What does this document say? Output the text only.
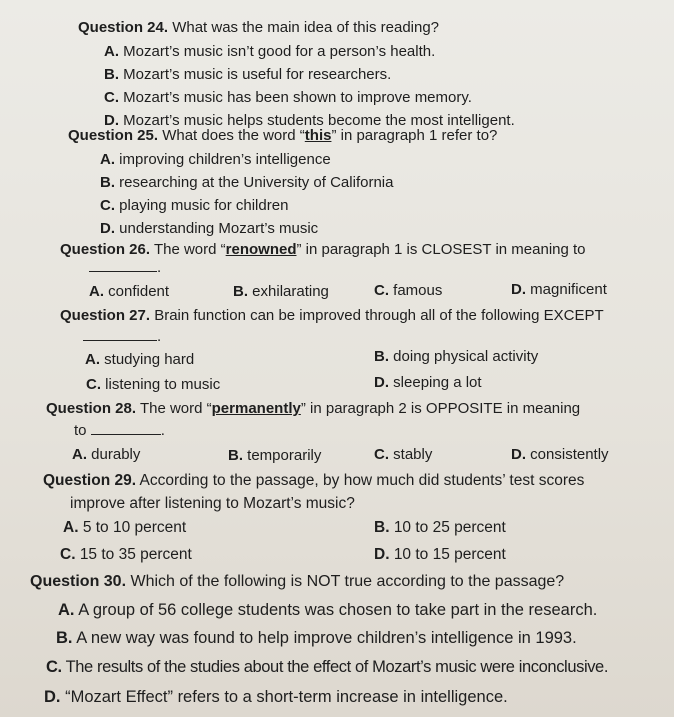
Question 24. What was the main idea of this reading?
A. Mozart’s music isn’t good for a person’s health.
B. Mozart’s music is useful for researchers.
C. Mozart’s music has been shown to improve memory.
D. Mozart’s music helps students become the most intelligent.
Question 25. What does the word “this” in paragraph 1 refer to?
A. improving children’s intelligence
B. researching at the University of California
C. playing music for children
D. understanding Mozart’s music
Question 26. The word “renowned” in paragraph 1 is CLOSEST in meaning to
.
A. confident	B. exhilarating	C. famous	D. magnificent
Question 27. Brain function can be improved through all of the following EXCEPT
.
A. studying hard	B. doing physical activity
C. listening to music	D. sleeping a lot
Question 28. The word “permanently” in paragraph 2 is OPPOSITE in meaning
to	.
A. durably	B. temporarily	C. stably	D. consistently
Question 29. According to the passage, by how much did students’ test scores
improve after listening to Mozart’s music?
A. 5 to 10 percent	B. 10 to 25 percent
C. 15 to 35 percent	D. 10 to 15 percent
Question 30. Which of the following is NOT true according to the passage?
A. A group of 56 college students was chosen to take part in the research.
B. A new way was found to help improve children’s intelligence in 1993.
C. The results of the studies about the effect of Mozart’s music were inconclusive.
D. “Mozart Effect” refers to a short-term increase in intelligence.
